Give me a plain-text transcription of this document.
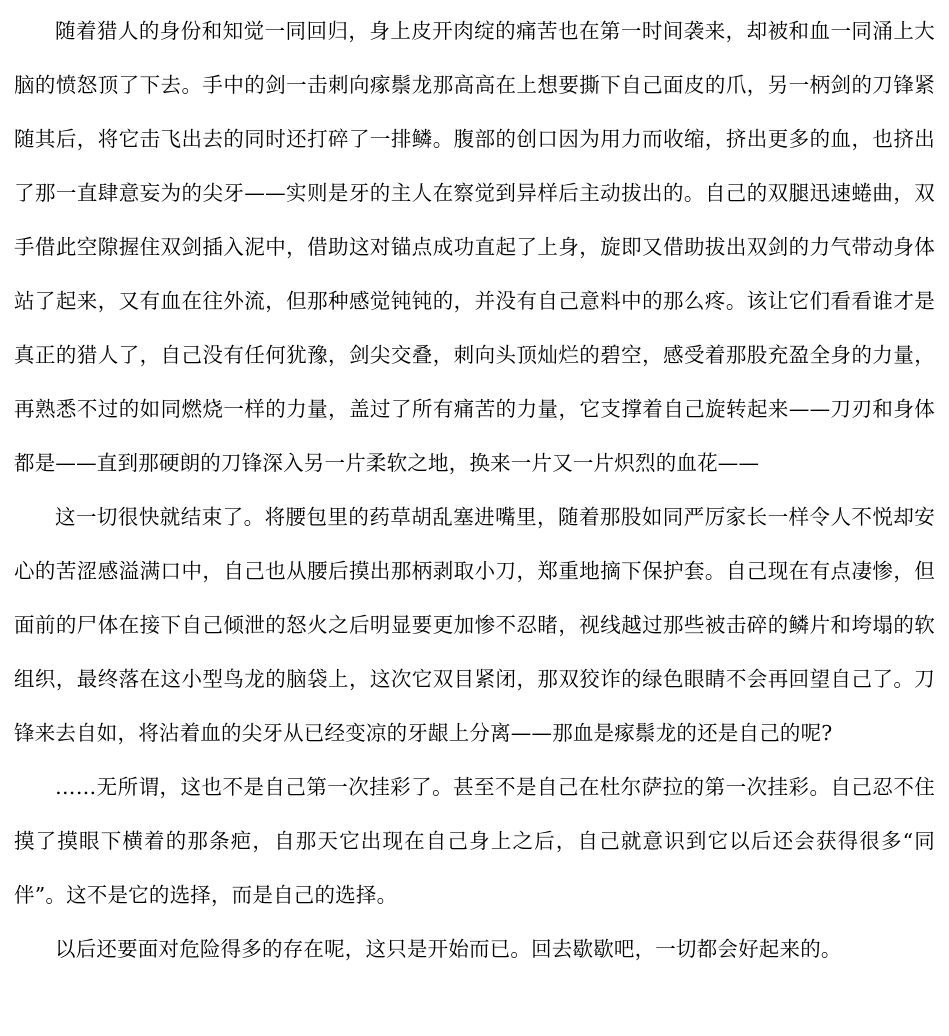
随着猎人的身份和知觉一同回归，身上皮开肉绽的痛苦也在第一时间袭来，却被和血一同涌上大脑的愤怒顶了下去。手中的剑一击刺向瘃鬃龙那高高在上想要撕下自己面皮的爪，另一柄剑的刀锋紧随其后，将它击飞出去的同时还打碎了一排鳞。腹部的创口因为用力而收缩，挤出更多的血，也挤出了那一直肆意妄为的尖牙——实则是牙的主人在察觉到异样后主动拔出的。自己的双腿迅速蜷曲，双手借此空隙握住双剑插入泥中，借助这对锚点成功直起了上身，旋即又借助拔出双剑的力气带动身体站了起来，又有血在往外流，但那种感觉钝钝的，并没有自己意料中的那么疼。该让它们看看谁才是真正的猎人了，自己没有任何犹豫，剑尖交叠，刺向头顶灿烂的碧空，感受着那股充盈全身的力量，再熟悉不过的如同燃烧一样的力量，盖过了所有痛苦的力量，它支撑着自己旋转起来——刀刃和身体都是——直到那硬朗的刀锋深入另一片柔软之地，换来一片又一片炽烈的血花——

这一切很快就结束了。将腰包里的药草胡乱塞进嘴里，随着那股如同严厉家长一样令人不悦却安心的苦涩感溢满口中，自己也从腰后摸出那柄剥取小刀，郑重地摘下保护套。自己现在有点凄惨，但面前的尸体在接下自己倾泄的怒火之后明显要更加惨不忍睹，视线越过那些被击碎的鳞片和垮塌的软组织，最终落在这小型鸟龙的脑袋上，这次它双目紧闭，那双狡诈的绿色眼睛不会再回望自己了。刀锋来去自如，将沾着血的尖牙从已经变凉的牙龈上分离——那血是瘃鬃龙的还是自己的呢?

……无所谓，这也不是自己第一次挂彩了。甚至不是自己在杜尔萨拉的第一次挂彩。自己忍不住摸了摸眼下横着的那条疤，自那天它出现在自己身上之后，自己就意识到它以后还会获得很多“同伴”。这不是它的选择，而是自己的选择。

以后还要面对危险得多的存在呢，这只是开始而已。回去歇歇吧，一切都会好起来的。
